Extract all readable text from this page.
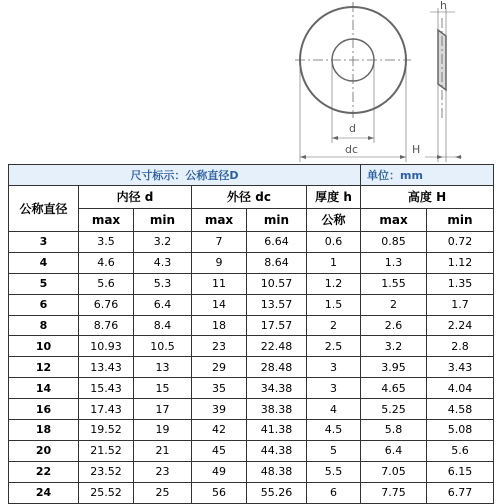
d
dc
h
H
尺寸标示：公称直径D						单位：mm	
公称直径	内径 d		外径 dc		厚度 h	高度 H	
	max	min	max	min	公称	max	min
3	3.5	3.2	7	6.64	0.6	0.85	0.72
4	4.6	4.3	9	8.64	1	1.3	1.12
5	5.6	5.3	11	10.57	1.2	1.55	1.35
6	6.76	6.4	14	13.57	1.5	2	1.7
8	8.76	8.4	18	17.57	2	2.6	2.24
10	10.93	10.5	23	22.48	2.5	3.2	2.8
12	13.43	13	29	28.48	3	3.95	3.43
14	15.43	15	35	34.38	3	4.65	4.04
16	17.43	17	39	38.38	4	5.25	4.58
18	19.52	19	42	41.38	4.5	5.8	5.08
20	21.52	21	45	44.38	5	6.4	5.6
22	23.52	23	49	48.38	5.5	7.05	6.15
24	25.52	25	56	55.26	6	7.75	6.77
